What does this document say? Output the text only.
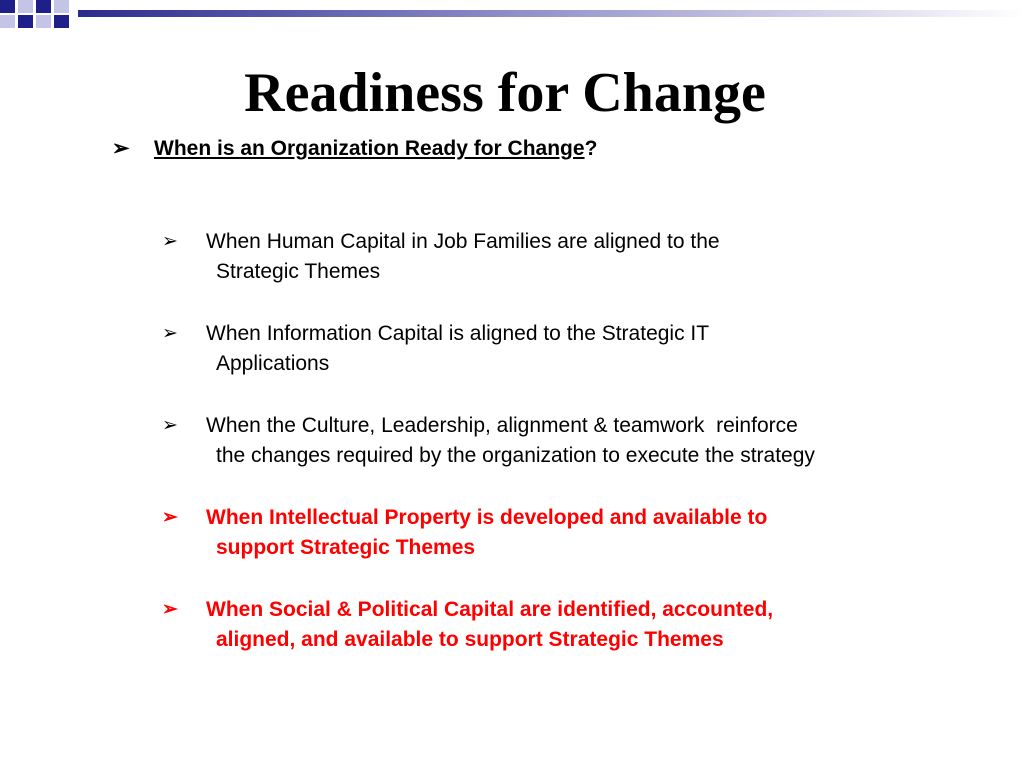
Readiness for Change
➢ When is an Organization Ready for Change?
➢ When Human Capital in Job Families are aligned to the
Strategic Themes
➢ When Information Capital is aligned to the Strategic IT
Applications
➢ When the Culture, Leadership, alignment & teamwork  reinforce
the changes required by the organization to execute the strategy
➢ When Intellectual Property is developed and available to
support Strategic Themes
➢ When Social & Political Capital are identified, accounted,
aligned, and available to support Strategic Themes
